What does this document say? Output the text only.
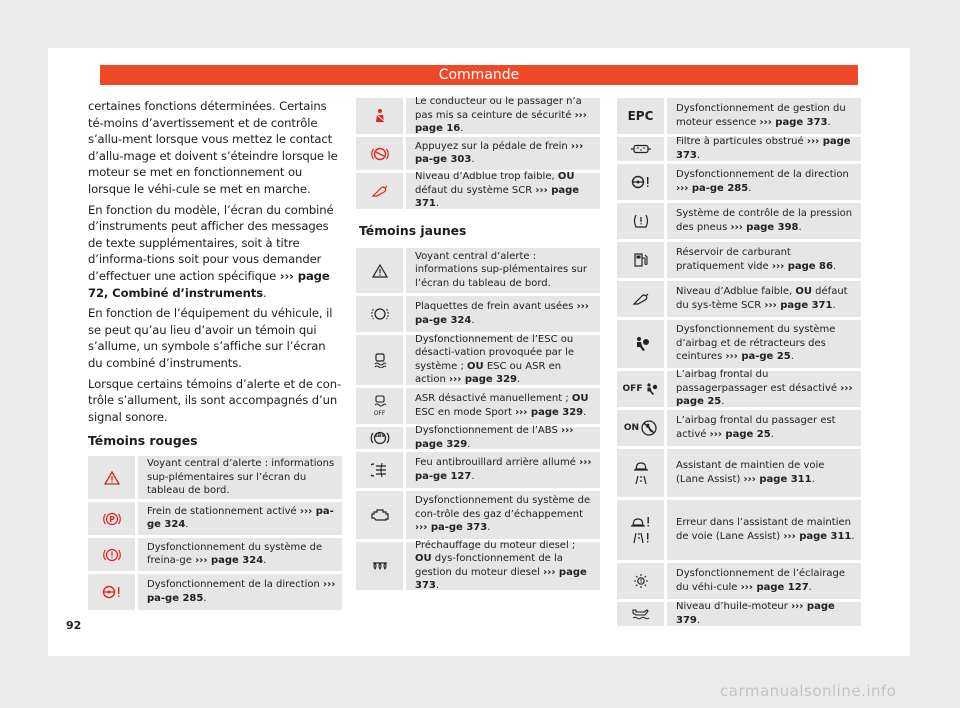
Commande

certaines fonctions déterminées. Certains té-moins d’avertissement et de contrôle s’allu-ment lorsque vous mettez le contact d’allu-mage et doivent s’éteindre lorsque le moteur se met en fonctionnement ou lorsque le véhi-cule se met en marche.

En fonction du modèle, l’écran du combiné d’instruments peut afficher des messages de texte supplémentaires, soit à titre d’informa-tions soit pour vous demander d’effectuer une action spécifique ››› page 72, Combiné d’instruments.

En fonction de l’équipement du véhicule, il se peut qu’au lieu d’avoir un témoin qui s’allume, un symbole s’affiche sur l’écran du combiné d’instruments.

Lorsque certains témoins d’alerte et de con-trôle s’allument, ils sont accompagnés d’un signal sonore.

Témoins rouges
Voyant central d’alerte : informations sup-plémentaires sur l’écran du tableau de bord.
P
Frein de stationnement activé ››› pa-ge 324.
Dysfonctionnement du système de freina-ge ››› page 324.
Dysfonctionnement de la direction ››› pa-ge 285.
Le conducteur ou le passager n’a pas mis sa ceinture de sécurité ››› page 16.
Appuyez sur la pédale de frein ››› pa-ge 303.
Niveau d’Adblue trop faible, OU défaut du système SCR ››› page 371.
Témoins jaunes
Voyant central d’alerte : informations sup-plémentaires sur l’écran du tableau de bord.
Plaquettes de frein avant usées ››› pa-ge 324.
Dysfonctionnement de l’ESC ou désacti-vation provoquée par le système ; OU ESC ou ASR en action ››› page 329.
OFF
ASR désactivé manuellement ; OU ESC en mode Sport ››› page 329.
ABS
Dysfonctionnement de l’ABS ››› page 329.
Feu antibrouillard arrière allumé ››› pa-ge 127.
Dysfonctionnement du système de con-trôle des gaz d’échappement ››› pa-ge 373.
Préchauffage du moteur diesel ; OU dys-fonctionnement de la gestion du moteur diesel ››› page 373.
EPC
Dysfonctionnement de gestion du moteur essence ››› page 373.
Filtre à particules obstrué ››› page 373.
Dysfonctionnement de la direction ››› pa-ge 285.
Système de contrôle de la pression des pneus ››› page 398.
Réservoir de carburant pratiquement vide ››› page 86.
Niveau d’Adblue faible, OU défaut du sys-tème SCR ››› page 371.
Dysfonctionnement du système d’airbag et de rétracteurs des ceintures ››› pa-ge 25.
OFF
L’airbag frontal du passagerpassager est désactivé ››› page 25.
ON
L’airbag frontal du passager est activé ››› page 25.
Assistant de maintien de voie (Lane Assist) ››› page 311.
Erreur dans l’assistant de maintien de voie (Lane Assist) ››› page 311.
Dysfonctionnement de l’éclairage du véhi-cule ››› page 127.
Niveau d’huile-moteur ››› page 379.
92
carmanualsonline.info
